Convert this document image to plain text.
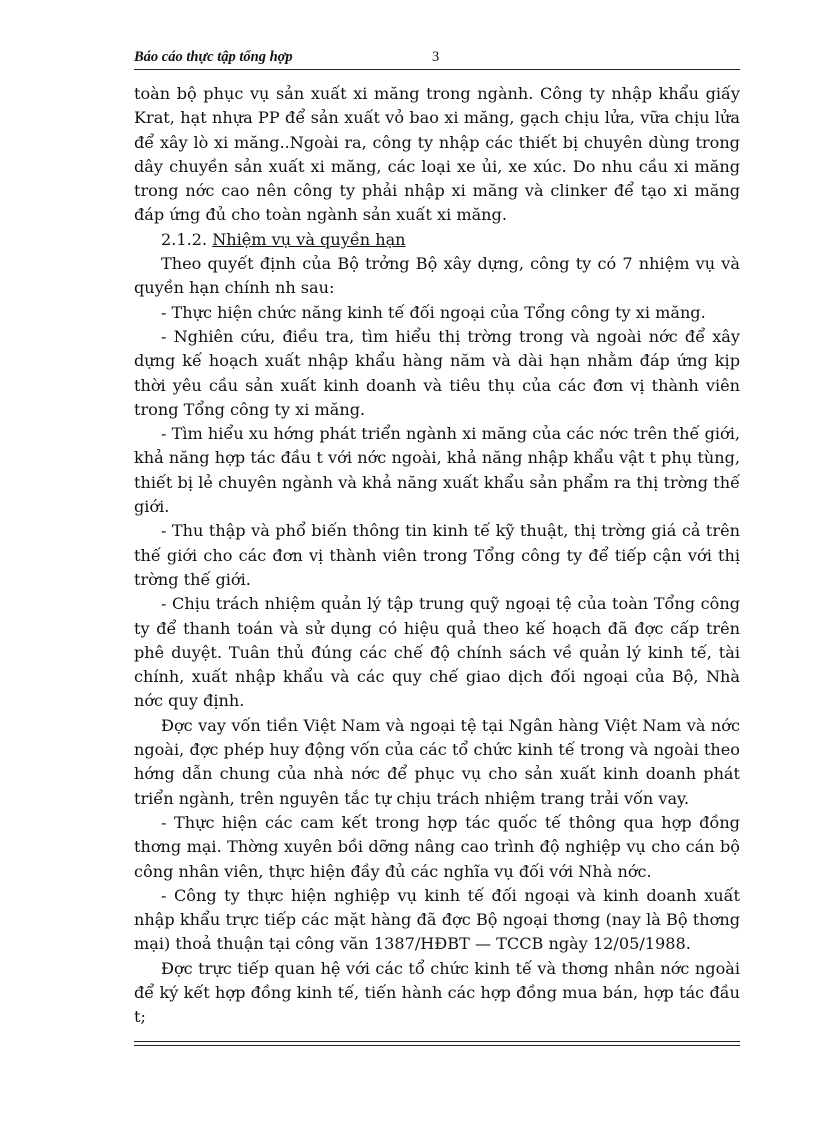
Báo cáo thực tập tổng hợp	3

toàn bộ phục vụ sản xuất xi măng trong ngành. Công ty nhập khẩu giấy Krat, hạt nhựa PP để sản xuất vỏ bao xi măng, gạch chịu lửa, vữa chịu lửa để xây lò xi măng..Ngoài ra, công ty nhập các thiết bị chuyên dùng trong dây chuyền sản xuất xi măng, các loại xe ủi, xe xúc. Do nhu cầu xi măng trong nớc cao nên công ty phải nhập xi măng và clinker để tạo xi măng đáp ứng đủ cho toàn ngành sản xuất xi măng.

2.1.2. Nhiệm vụ và quyền hạn

Theo quyết định của Bộ trởng Bộ xây dựng, công ty có 7 nhiệm vụ và quyền hạn chính nh sau:

- Thực hiện chức năng kinh tế đối ngoại của Tổng công ty xi măng.

- Nghiên cứu, điều tra, tìm hiểu thị trờng trong và ngoài nớc để xây dựng kế hoạch xuất nhập khẩu hàng năm và dài hạn nhằm đáp ứng kịp thời yêu cầu sản xuất kinh doanh và tiêu thụ của các đơn vị thành viên trong Tổng công ty xi măng.

- Tìm hiểu xu hớng phát triển ngành xi măng của các nớc trên thế giới, khả năng hợp tác đầu t với nớc ngoài, khả năng nhập khẩu vật t phụ tùng, thiết bị lẻ chuyên ngành và khả năng xuất khẩu sản phẩm ra thị trờng thế giới.

- Thu thập và phổ biến thông tin kinh tế kỹ thuật, thị trờng giá cả trên thế giới cho các đơn vị thành viên trong Tổng công ty để tiếp cận với thị trờng thế giới.

- Chịu trách nhiệm quản lý tập trung quỹ ngoại tệ của toàn Tổng công ty để thanh toán và sử dụng có hiệu quả theo kế hoạch đã đợc cấp trên phê duyệt. Tuân thủ đúng các chế độ chính sách về quản lý kinh tế, tài chính, xuất nhập khẩu và các quy chế giao dịch đối ngoại của Bộ, Nhà nớc quy định.

Đợc vay vốn tiền Việt Nam và ngoại tệ tại Ngân hàng Việt Nam và nớc ngoài, đợc phép huy động vốn của các tổ chức kinh tế trong và ngoài theo hớng dẫn chung của nhà nớc để phục vụ cho sản xuất kinh doanh phát triển ngành, trên nguyên tắc tự chịu trách nhiệm trang trải vốn vay.

- Thực hiện các cam kết trong hợp tác quốc tế thông qua hợp đồng thơng mại. Thờng xuyên bồi dỡng nâng cao trình độ nghiệp vụ cho cán bộ công nhân viên, thực hiện đầy đủ các nghĩa vụ đối với Nhà nớc.

- Công ty thực hiện nghiệp vụ kinh tế đối ngoại và kinh doanh xuất nhập khẩu trực tiếp các mặt hàng đã đợc Bộ ngoại thơng (nay là Bộ thơng mại) thoả thuận tại công văn 1387/HĐBT — TCCB ngày 12/05/1988.

Đợc trực tiếp quan hệ với các tổ chức kinh tế và thơng nhân nớc ngoài để ký kết hợp đồng kinh tế, tiến hành các hợp đồng mua bán, hợp tác đầu t;
